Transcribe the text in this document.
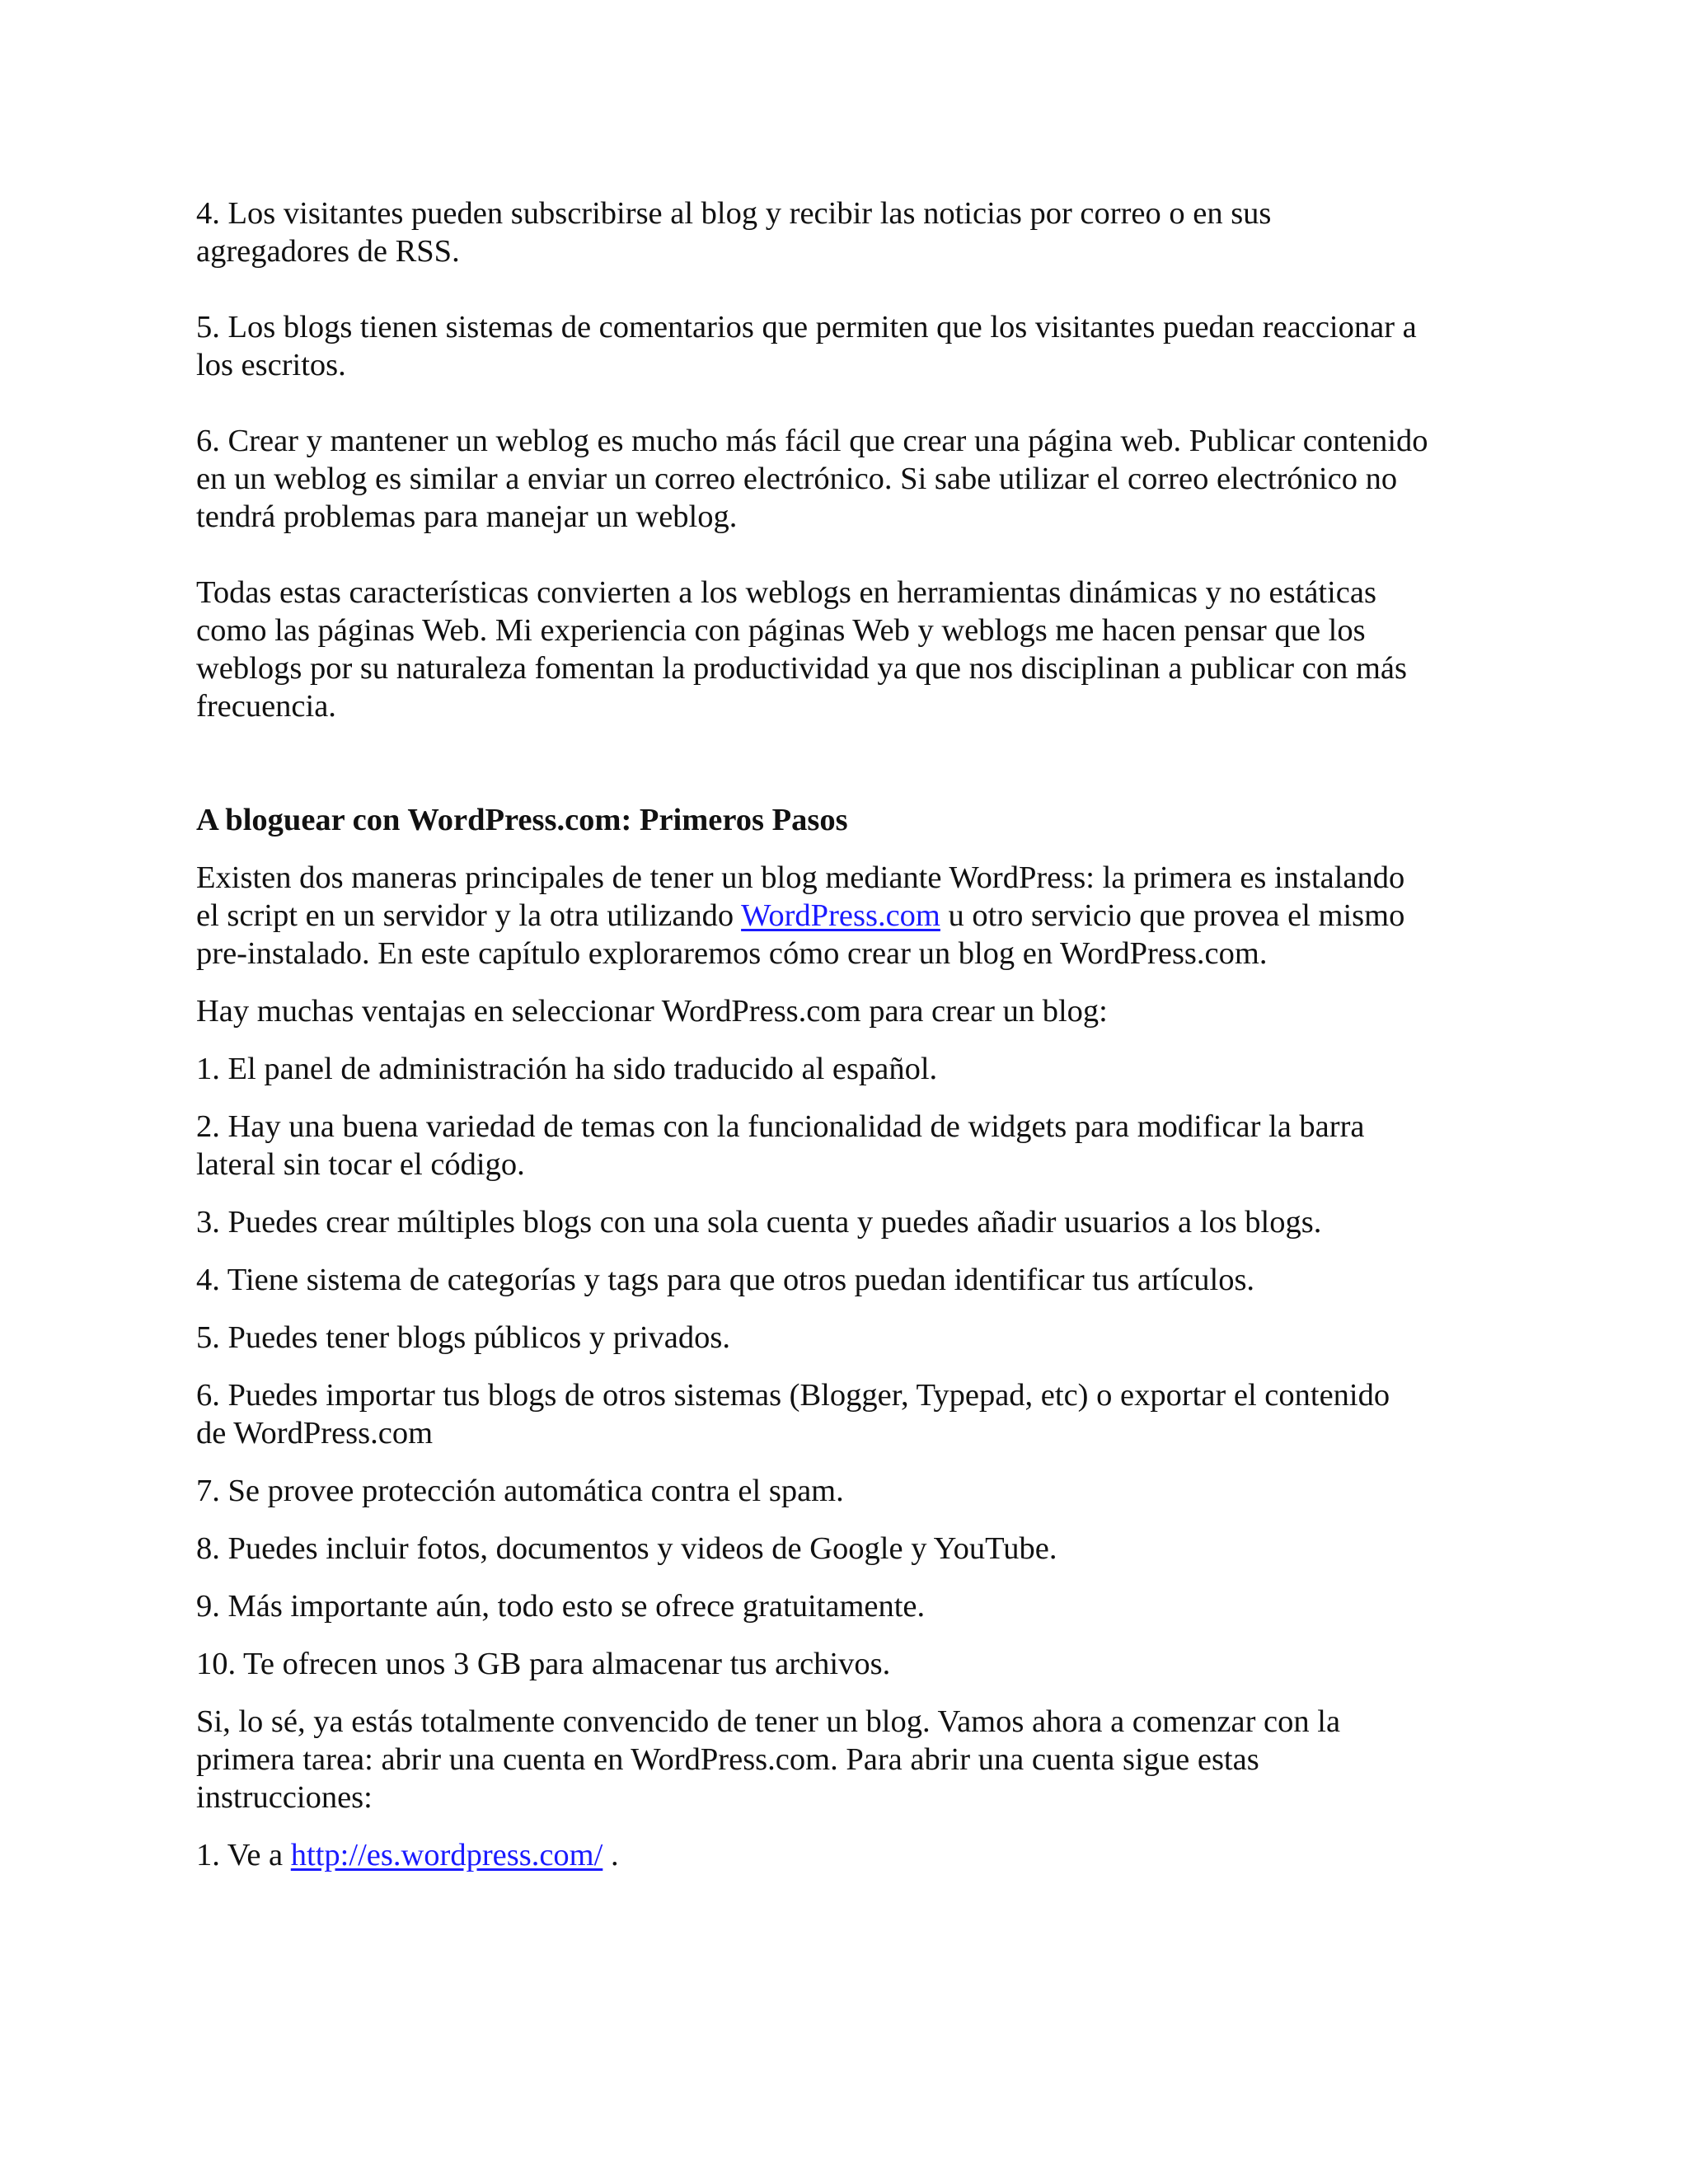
4. Los visitantes pueden subscribirse al blog y recibir las noticias por correo o en sus

agregadores de RSS.

5. Los blogs tienen sistemas de comentarios que permiten que los visitantes puedan reaccionar a

los escritos.

6. Crear y mantener un weblog es mucho más fácil que crear una página web. Publicar contenido

en un weblog es similar a enviar un correo electrónico. Si sabe utilizar el correo electrónico no

tendrá problemas para manejar un weblog.

Todas estas características convierten a los weblogs en herramientas dinámicas y no estáticas

como las páginas Web. Mi experiencia con páginas Web y weblogs me hacen pensar que los

weblogs por su naturaleza fomentan la productividad ya que nos disciplinan a publicar con más

frecuencia.

A bloguear con WordPress.com: Primeros Pasos

Existen dos maneras principales de tener un blog mediante WordPress: la primera es instalando

el script en un servidor y la otra utilizando WordPress.com u otro servicio que provea el mismo

pre-instalado. En este capítulo exploraremos cómo crear un blog en WordPress.com.

Hay muchas ventajas en seleccionar WordPress.com para crear un blog:

1. El panel de administración ha sido traducido al español.

2. Hay una buena variedad de temas con la funcionalidad de widgets para modificar la barra

lateral sin tocar el código.

3. Puedes crear múltiples blogs con una sola cuenta y puedes añadir usuarios a los blogs.

4. Tiene sistema de categorías y tags para que otros puedan identificar tus artículos.

5. Puedes tener blogs públicos y privados.

6. Puedes importar tus blogs de otros sistemas (Blogger, Typepad, etc) o exportar el contenido

de WordPress.com

7. Se provee protección automática contra el spam.

8. Puedes incluir fotos, documentos y videos de Google y YouTube.

9. Más importante aún, todo esto se ofrece gratuitamente.

10. Te ofrecen unos 3 GB para almacenar tus archivos.

Si, lo sé, ya estás totalmente convencido de tener un blog. Vamos ahora a comenzar con la

primera tarea: abrir una cuenta en WordPress.com. Para abrir una cuenta sigue estas

instrucciones:

1. Ve a http://es.wordpress.com/ .
